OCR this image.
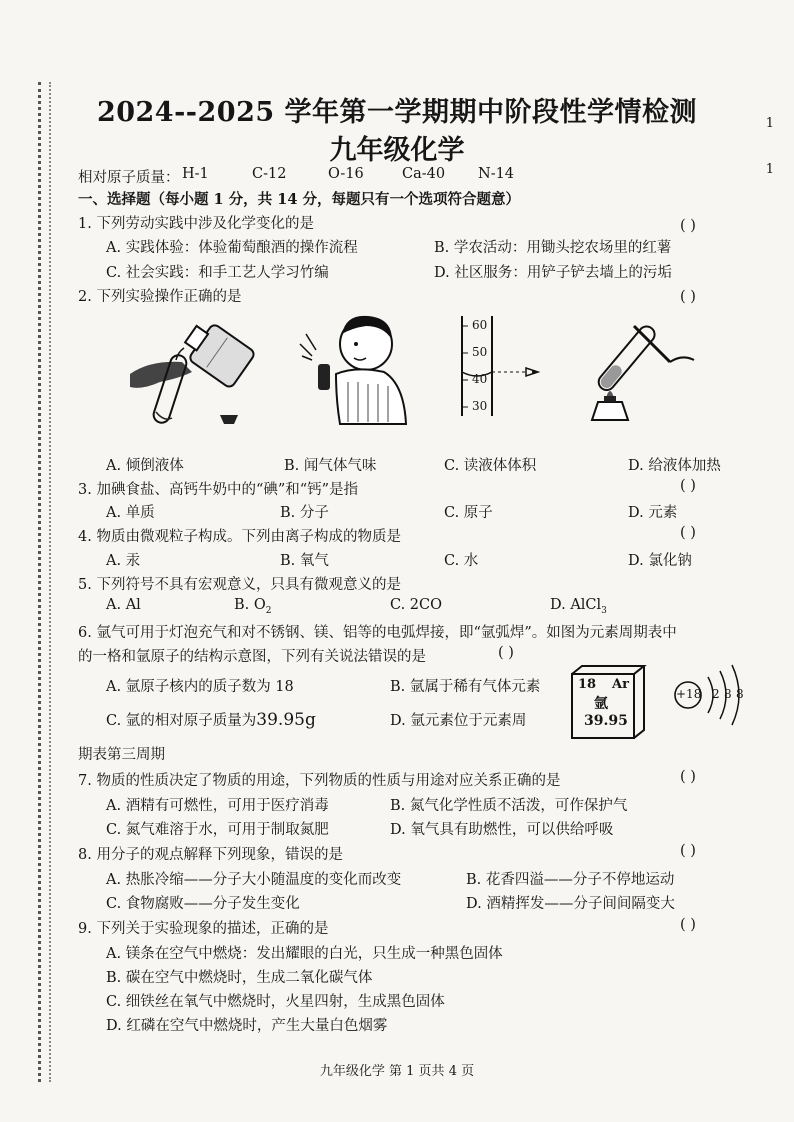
1
1
2024--2025 学年第一学期期中阶段性学情检测
九年级化学
相对原子质量： H-1	C-12	O-16	Ca-40 N-14
一、选择题（每小题 1 分，共 14 分，每题只有一个选项符合题意）
1. 下列劳动实践中涉及化学变化的是	( )
A. 实践体验：体验葡萄酿酒的操作流程	B. 学农活动：用锄头挖农场里的红薯
C. 社会实践：和手工艺人学习竹编	D. 社区服务：用铲子铲去墙上的污垢
2. 下列实验操作正确的是	( )
60
50
40
30
A. 倾倒液体	B. 闻气体气味	C. 读液体体积	D. 给液体加热
3. 加碘食盐、高钙牛奶中的“碘”和“钙”是指	( )
A. 单质	B. 分子	C. 原子	D. 元素
4. 物质由微观粒子构成。下列由离子构成的物质是	( )
A. 汞	B. 氧气	C. 水	D. 氯化钠
5. 下列符号不具有宏观意义，只具有微观意义的是
A. Al	B. $O_2$	C. 2CO	D. AlCl$_3$
6. 氩气可用于灯泡充气和对不锈钢、镁、铝等的电弧焊接，即“氩弧焊”。如图为元素周期表中
的一格和氩原子的结构示意图，下列有关说法错误的是	( )
A. 氩原子核内的质子数为 18	B. 氩属于稀有气体元素
C. 氩的相对原子质量为39.95g	D. 氩元素位于元素周
18 Ar
氩
39.95
+18 2 8 8
期表第三周期
7. 物质的性质决定了物质的用途，下列物质的性质与用途对应关系正确的是	( )
A. 酒精有可燃性，可用于医疗消毒	B. 氮气化学性质不活泼，可作保护气
C. 氮气难溶于水，可用于制取氮肥	D. 氧气具有助燃性，可以供给呼吸
8. 用分子的观点解释下列现象，错误的是	( )
A. 热胀冷缩——分子大小随温度的变化而改变	B. 花香四溢——分子不停地运动
C. 食物腐败——分子发生变化	D. 酒精挥发——分子间间隔变大
9. 下列关于实验现象的描述，正确的是	( )
A. 镁条在空气中燃烧：发出耀眼的白光，只生成一种黑色固体
B. 碳在空气中燃烧时，生成二氧化碳气体
C. 细铁丝在氧气中燃烧时，火星四射，生成黑色固体
D. 红磷在空气中燃烧时，产生大量白色烟雾
九年级化学 第 1 页共 4 页
